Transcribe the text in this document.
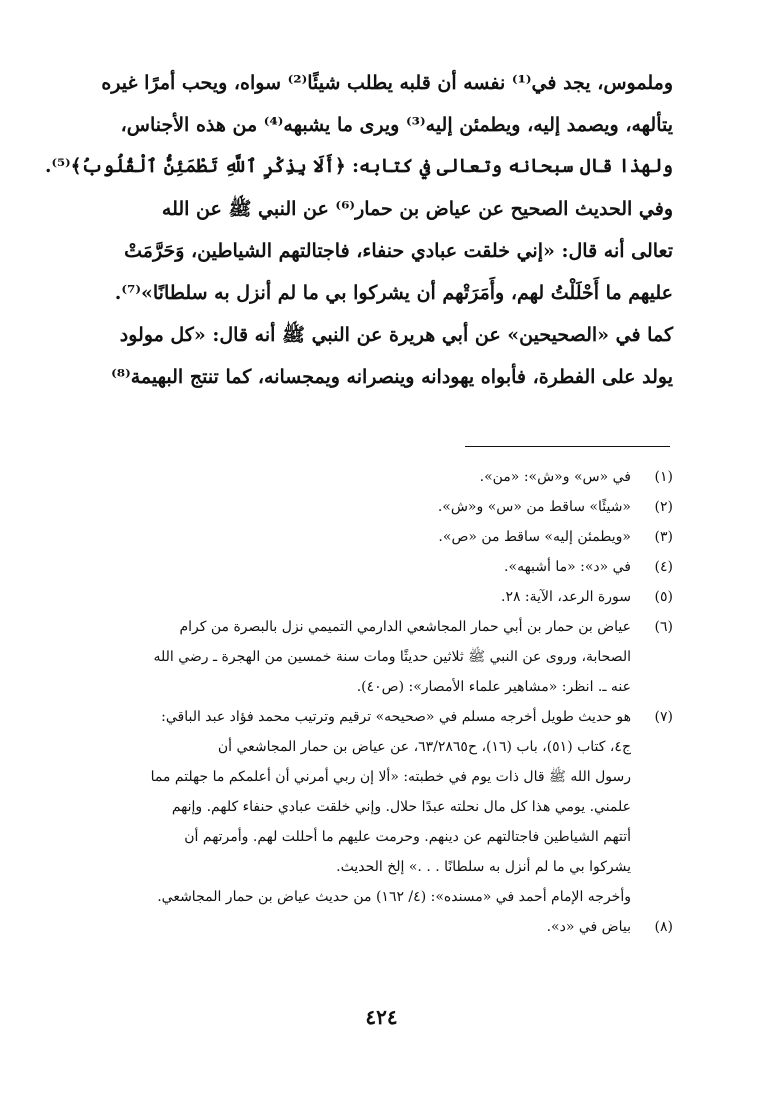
وملموس، يجد في⁽¹⁾ نفسه أن قلبه يطلب شيئًا⁽²⁾ سواه، ويحب أمرًا غيره
يتألهه، ويصمد إليه، ويطمئن إليه⁽³⁾ ويرى ما يشبهه⁽⁴⁾ من هذه الأجناس،
ولهذا قال سبحانه وتعالى في كتابه: ﴿أَلَا بِذِكْرِ ٱللَّهِ تَطْمَئِنُّ ٱلْقُلُوبُ﴾⁽⁵⁾.
وفي الحديث الصحيح عن عياض بن حمار⁽⁶⁾ عن النبي ﷺ عن الله
تعالى أنه قال: «إني خلقت عبادي حنفاء، فاجتالتهم الشياطين، وَحَرَّمَتْ
عليهم ما أَحْلَلْتُ لهم، وأَمَرَتْهم أن يشركوا بي ما لم أنزل به سلطانًا»⁽⁷⁾.
كما في «الصحيحين» عن أبي هريرة عن النبي ﷺ أنه قال: «كل مولود
يولد على الفطرة، فأبواه يهودانه وينصرانه ويمجسانه، كما تنتج البهيمة⁽⁸⁾
(١)
في «س» و«ش»: «من».
(٢)
«شيئًا» ساقط من «س» و«ش».
(٣)
«ويطمئن إليه» ساقط من «ص».
(٤)
في «د»: «ما أشبهه».
(٥)
سورة الرعد، الآية: ٢٨.
(٦)
عياض بن حمار بن أبي حمار المجاشعي الدارمي التميمي نزل بالبصرة من كرام
الصحابة، وروى عن النبي ﷺ ثلاثين حديثًا ومات سنة خمسين من الهجرة ـ رضي الله
عنه ـ. انظر: «مشاهير علماء الأمصار»: (ص٤٠).
(٧)
هو حديث طويل أخرجه مسلم في «صحيحه» ترقيم وترتيب محمد فؤاد عبد الباقي:
ج٤، كتاب (٥١)، باب (١٦)، ح٦٣/٢٨٦٥، عن عياض بن حمار المجاشعي أن
رسول الله ﷺ قال ذات يوم في خطبته: «ألا إن ربي أمرني أن أعلمكم ما جهلتم مما
علمني. يومي هذا كل مال نحلته عبدًا حلال. وإني خلقت عبادي حنفاء كلهم. وإنهم
أتتهم الشياطين فاجتالتهم عن دينهم. وحرمت عليهم ما أحللت لهم. وأمرتهم أن
يشركوا بي ما لم أنزل به سلطانًا . . .» إلخ الحديث.
وأخرجه الإمام أحمد في «مسنده»: (٤/ ١٦٢) من حديث عياض بن حمار المجاشعي.
(٨)
بياض في «د».
٤٢٤
